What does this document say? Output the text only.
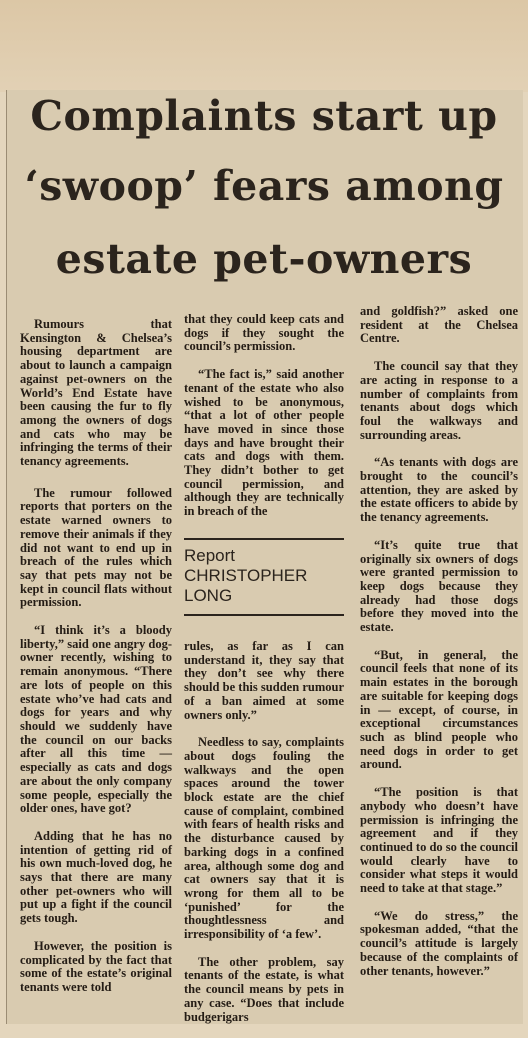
Complaints start up
‘swoop’ fears among
estate pet-owners

Rumours that Kensington & Chelsea’s housing department are about to launch a campaign against pet-owners on the World’s End Estate have been causing the fur to fly among the owners of dogs and cats who may be infringing the terms of their tenancy agreements.

The rumour followed reports that porters on the estate warned owners to remove their animals if they did not want to end up in breach of the rules which say that pets may not be kept in council flats without permission.

“I think it’s a bloody liberty,” said one angry dog-owner recently, wishing to remain anonymous. “There are lots of people on this estate who’ve had cats and dogs for years and why should we suddenly have the council on our backs after all this time — especially as cats and dogs are about the only company some people, especially the older ones, have got?

Adding that he has no intention of getting rid of his own much-loved dog, he says that there are many other pet-owners who will put up a fight if the council gets tough.

However, the position is complicated by the fact that some of the estate’s original tenants were told

that they could keep cats and dogs if they sought the council’s permission.

“The fact is,” said another tenant of the estate who also wished to be anonymous, “that a lot of other people have moved in since those days and have brought their cats and dogs with them. They didn’t bother to get council permission, and although they are technically in breach of the

Report
CHRISTOPHER
LONG

rules, as far as I can understand it, they say that they don’t see why there should be this sudden rumour of a ban aimed at some owners only.”

Needless to say, complaints about dogs fouling the walkways and the open spaces around the tower block estate are the chief cause of complaint, combined with fears of health risks and the disturbance caused by barking dogs in a confined area, although some dog and cat owners say that it is wrong for them all to be ‘punished’ for the thoughtlessness and irresponsibility of ‘a few’.

The other problem, say tenants of the estate, is what the council means by pets in any case. “Does that include budgerigars

and goldfish?” asked one resident at the Chelsea Centre.

The council say that they are acting in response to a number of complaints from tenants about dogs which foul the walkways and surrounding areas.

“As tenants with dogs are brought to the council’s attention, they are asked by the estate officers to abide by the tenancy agreements.

“It’s quite true that originally six owners of dogs were granted permission to keep dogs because they already had those dogs before they moved into the estate.

“But, in general, the council feels that none of its main estates in the borough are suitable for keeping dogs in — except, of course, in exceptional circumstances such as blind people who need dogs in order to get around.

“The position is that anybody who doesn’t have permission is infringing the agreement and if they continued to do so the council would clearly have to consider what steps it would need to take at that stage.”

“We do stress,” the spokesman added, “that the council’s attitude is largely because of the complaints of other tenants, however.”
